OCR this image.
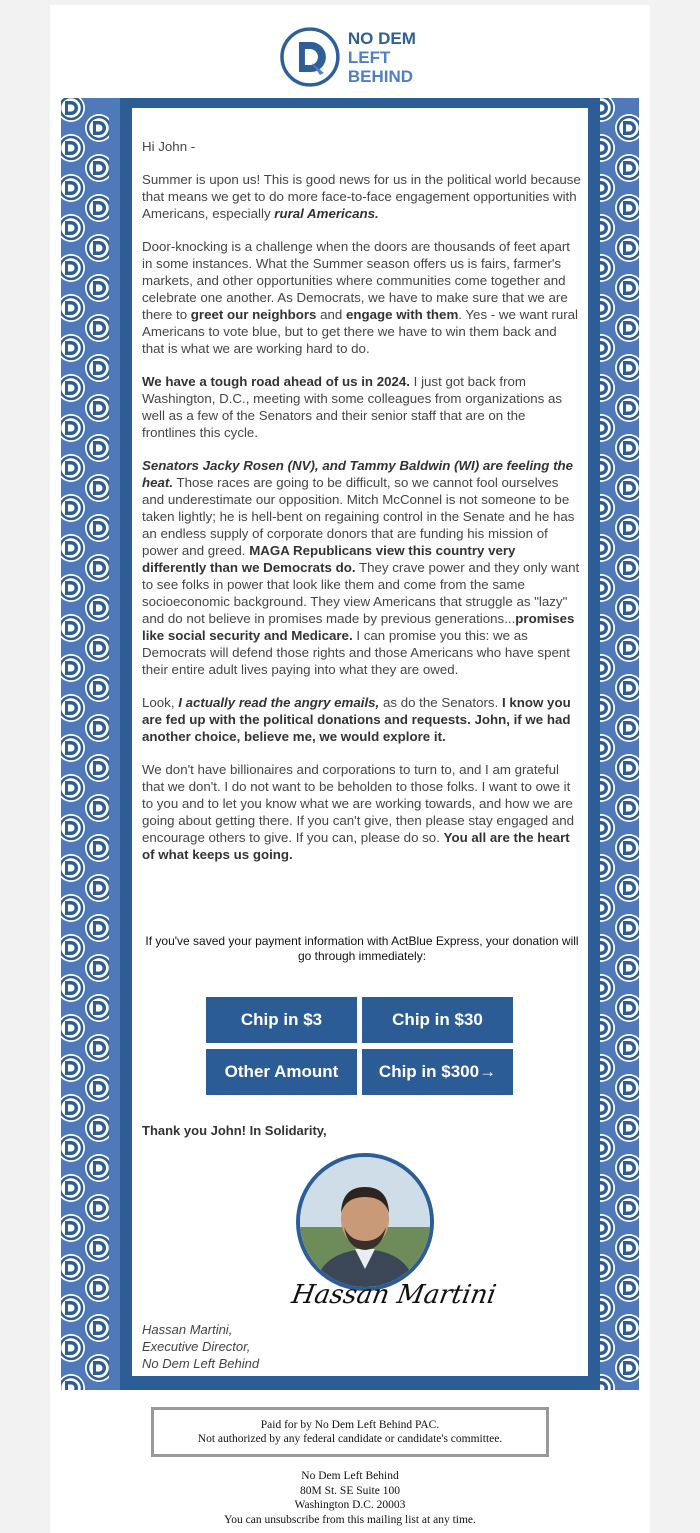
NO DEM
LEFT BEHIND

Hi John -

Summer is upon us! This is good news for us in the political world because that means we get to do more face-to-face engagement opportunities with Americans, especially rural Americans.

Door-knocking is a challenge when the doors are thousands of feet apart in some instances. What the Summer season offers us is fairs, farmer's markets, and other opportunities where communities come together and celebrate one another. As Democrats, we have to make sure that we are there to greet our neighbors and engage with them. Yes - we want rural Americans to vote blue, but to get there we have to win them back and that is what we are working hard to do.

We have a tough road ahead of us in 2024. I just got back from Washington, D.C., meeting with some colleagues from organizations as well as a few of the Senators and their senior staff that are on the frontlines this cycle.

Senators Jacky Rosen (NV), and Tammy Baldwin (WI) are feeling the heat. Those races are going to be difficult, so we cannot fool ourselves and underestimate our opposition. Mitch McConnel is not someone to be taken lightly; he is hell-bent on regaining control in the Senate and he has an endless supply of corporate donors that are funding his mission of power and greed. MAGA Republicans view this country very differently than we Democrats do. They crave power and they only want to see folks in power that look like them and come from the same socioeconomic background. They view Americans that struggle as "lazy" and do not believe in promises made by previous generations...promises like social security and Medicare. I can promise you this: we as Democrats will defend those rights and those Americans who have spent their entire adult lives paying into what they are owed.

Look, I actually read the angry emails, as do the Senators. I know you are fed up with the political donations and requests. John, if we had another choice, believe me, we would explore it.

We don't have billionaires and corporations to turn to, and I am grateful that we don't. I do not want to be beholden to those folks. I want to owe it to you and to let you know what we are working towards, and how we are going about getting there. If you can't give, then please stay engaged and encourage others to give. If you can, please do so. You all are the heart of what keeps us going.

If you've saved your payment information with ActBlue Express, your donation will go through immediately:
Chip in $3	Chip in $30
Other Amount	Chip in $300→
Thank you John! In Solidarity,
Hassan Martini
Hassan Martini,
Executive Director,
No Dem Left Behind
Paid for by No Dem Left Behind PAC.
Not authorized by any federal candidate or candidate's committee.
No Dem Left Behind
80M St. SE Suite 100
Washington D.C. 20003
You can unsubscribe from this mailing list at any time.
